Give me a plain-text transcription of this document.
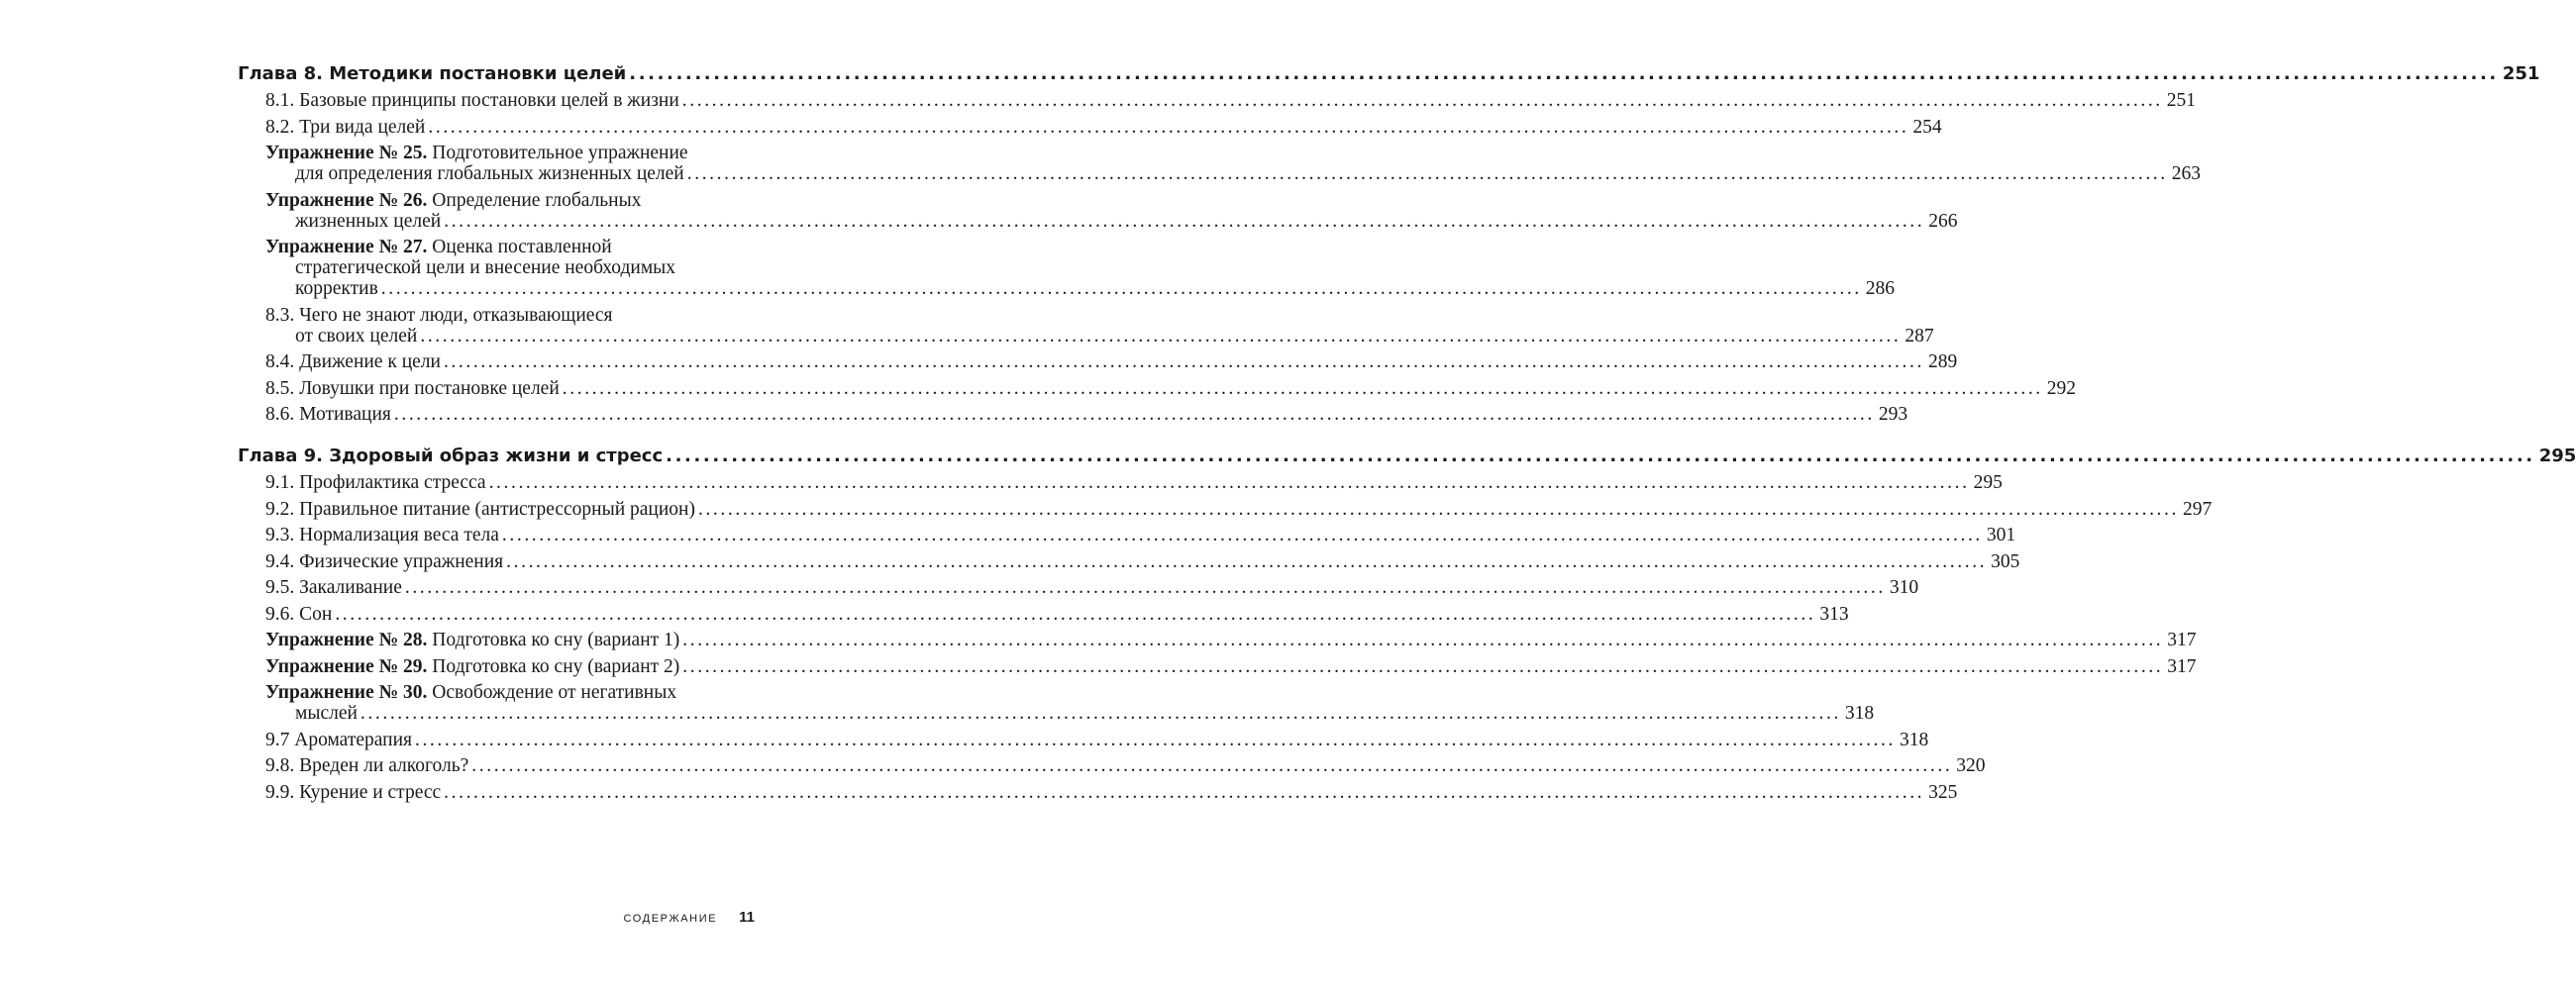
Глава 8. Методики постановки целей ........................................................................................................................................................................................................ 251
8.1. Базовые принципы постановки целей в жизни ........................................................................................................................................................................................................ 251
8.2. Три вида целей ........................................................................................................................................................................................................ 254
Упражнение № 25. Подготовительное упражнение
для определения глобальных жизненных целей ........................................................................................................................................................................................................ 263
Упражнение № 26. Определение глобальных
жизненных целей ........................................................................................................................................................................................................ 266
Упражнение № 27. Оценка поставленной
стратегической цели и внесение необходимых
корректив ........................................................................................................................................................................................................ 286
8.3. Чего не знают люди, отказывающиеся
от своих целей ........................................................................................................................................................................................................ 287
8.4. Движение к цели ........................................................................................................................................................................................................ 289
8.5. Ловушки при постановке целей ........................................................................................................................................................................................................ 292
8.6. Мотивация ........................................................................................................................................................................................................ 293
Глава 9. Здоровый образ жизни и стресс ........................................................................................................................................................................................................ 295
9.1. Профилактика стресса ........................................................................................................................................................................................................ 295
9.2. Правильное питание (антистрессорный рацион) ........................................................................................................................................................................................................ 297
9.3. Нормализация веса тела ........................................................................................................................................................................................................ 301
9.4. Физические упражнения ........................................................................................................................................................................................................ 305
9.5. Закаливание ........................................................................................................................................................................................................ 310
9.6. Сон ........................................................................................................................................................................................................ 313
Упражнение № 28. Подготовка ко сну (вариант 1) ........................................................................................................................................................................................................ 317
Упражнение № 29. Подготовка ко сну (вариант 2) ........................................................................................................................................................................................................ 317
Упражнение № 30. Освобождение от негативных
мыслей ........................................................................................................................................................................................................ 318
9.7 Ароматерапия ........................................................................................................................................................................................................ 318
9.8. Вреден ли алкоголь? ........................................................................................................................................................................................................ 320
9.9. Курение и стресс ........................................................................................................................................................................................................ 325
СОДЕРЖАНИЕ 11
